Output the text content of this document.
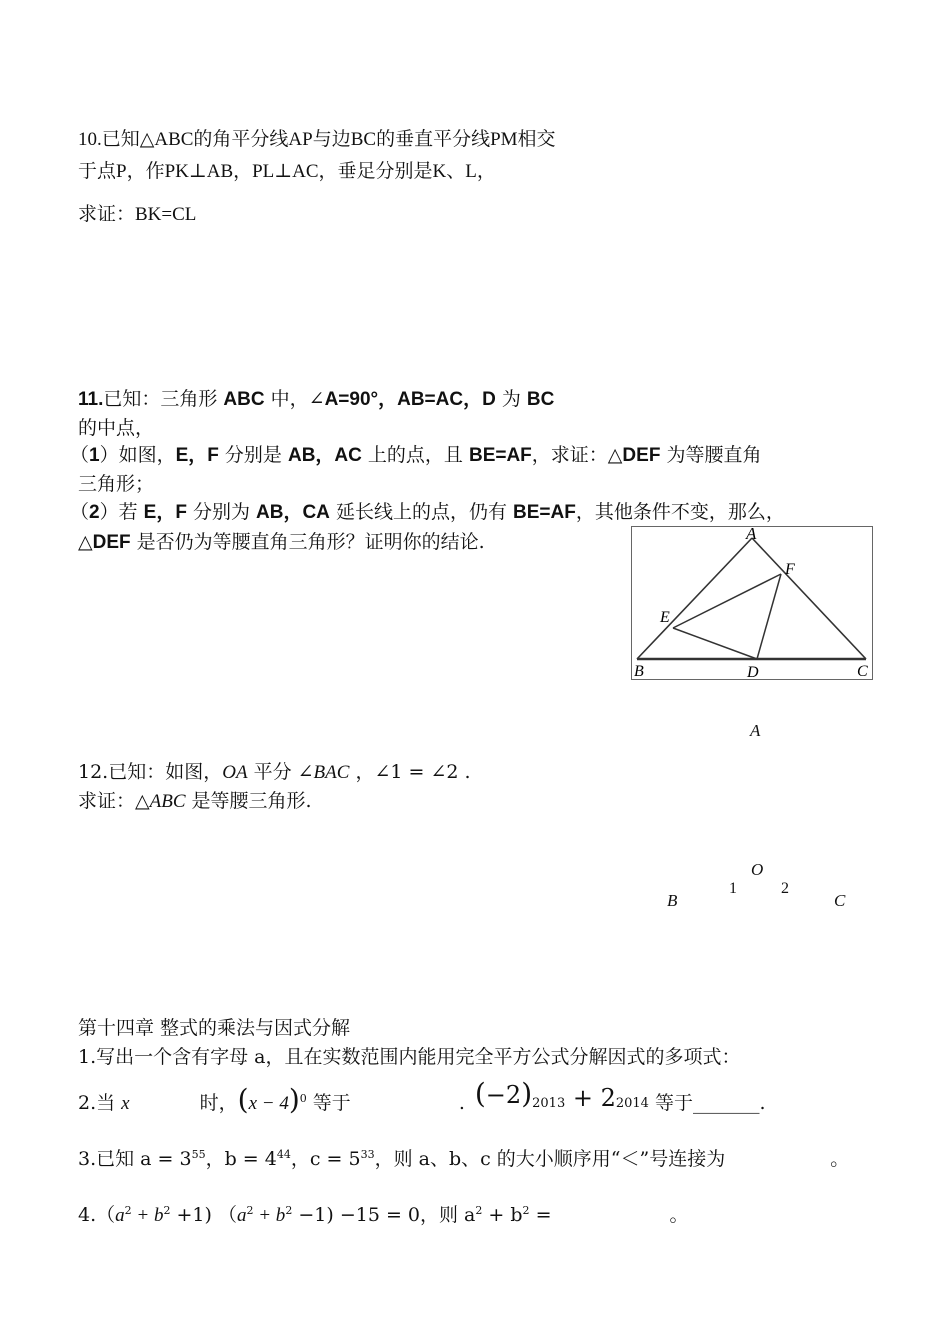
10.已知△ABC的角平分线AP与边BC的垂直平分线PM相交
于点P，作PK⊥AB，PL⊥AC，垂足分别是K、L，
求证：BK=CL
11.已知：三角形 ABC 中，∠A=90°，AB=AC，D 为 BC
的中点，
（1）如图，E，F 分别是 AB，AC 上的点，且 BE=AF，求证：△DEF 为等腰直角
三角形；
（2）若 E，F 分别为 AB，CA 延长线上的点，仍有 BE=AF，其他条件不变，那么，
△DEF 是否仍为等腰直角三角形？证明你的结论.	A
F
E
B	D	C
A
12.已知：如图，OA 平分 ∠BAC ，∠1 = ∠2 .
求证：△ABC 是等腰三角形.
O
1	2
B	C
第十四章 整式的乘法与因式分解
1.写出一个含有字母 a，且在实数范围内能用完全平方公式分解因式的多项式：
2.当 x	时，$(x - 4)^0$ 等于	. (−2)2013 + 22014 等于_______.
3.已知 $a = 3^{55}$，$b = 4^{44}$，$c = 5^{33}$，则 a、b、c 的大小顺序用“＜”号连接为	。
$4.(a^2 + b^2 +1)$ $(a^2 + b^2 -1) -15 = 0$，则 $a^2 + b^2$ =	。
